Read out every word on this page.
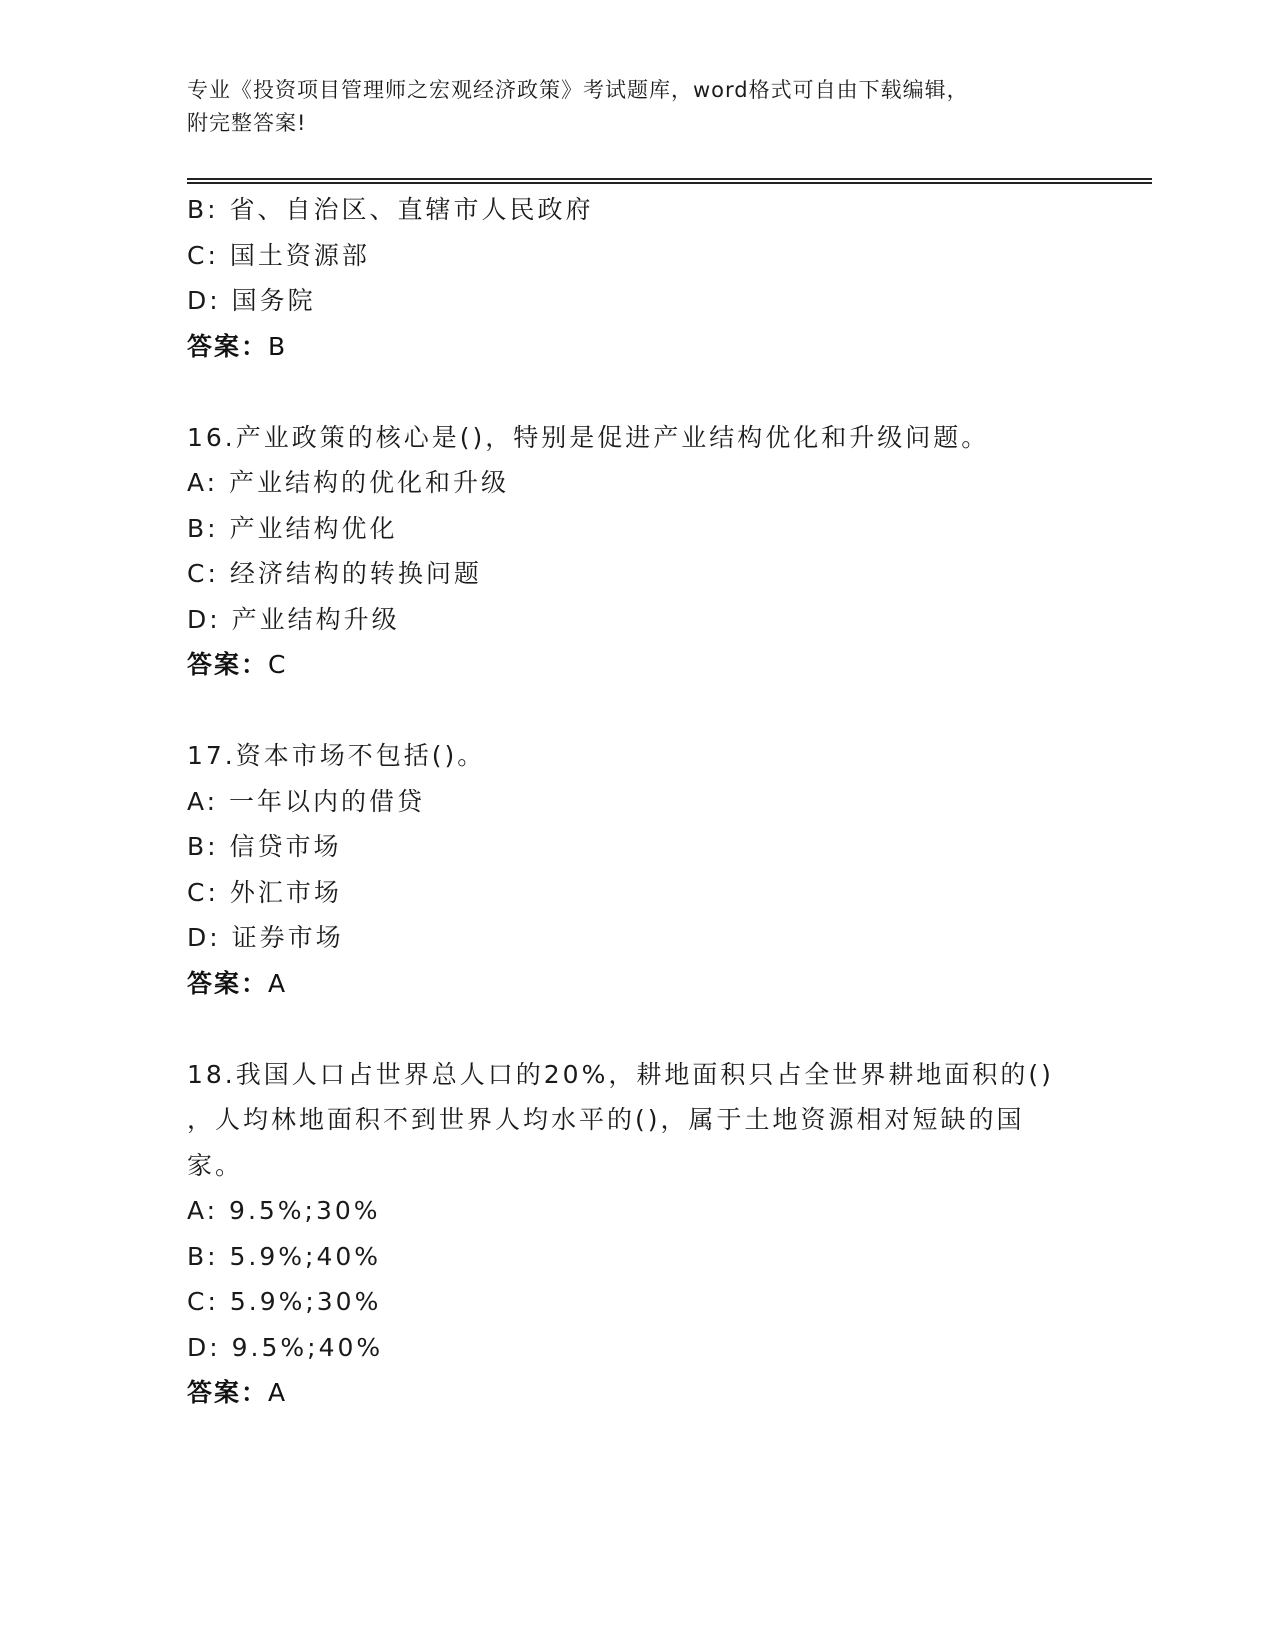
专业《投资项目管理师之宏观经济政策》考试题库，word格式可自由下载编辑，
附完整答案!
B: 省、自治区、直辖市人民政府
C: 国土资源部
D: 国务院
答案：B
16.产业政策的核心是()，特别是促进产业结构优化和升级问题。
A: 产业结构的优化和升级
B: 产业结构优化
C: 经济结构的转换问题
D: 产业结构升级
答案：C
17.资本市场不包括()。
A: 一年以内的借贷
B: 信贷市场
C: 外汇市场
D: 证券市场
答案：A
18.我国人口占世界总人口的20%，耕地面积只占全世界耕地面积的()
，人均林地面积不到世界人均水平的()，属于土地资源相对短缺的国
家。
A: 9.5%;30%
B: 5.9%;40%
C: 5.9%;30%
D: 9.5%;40%
答案：A
